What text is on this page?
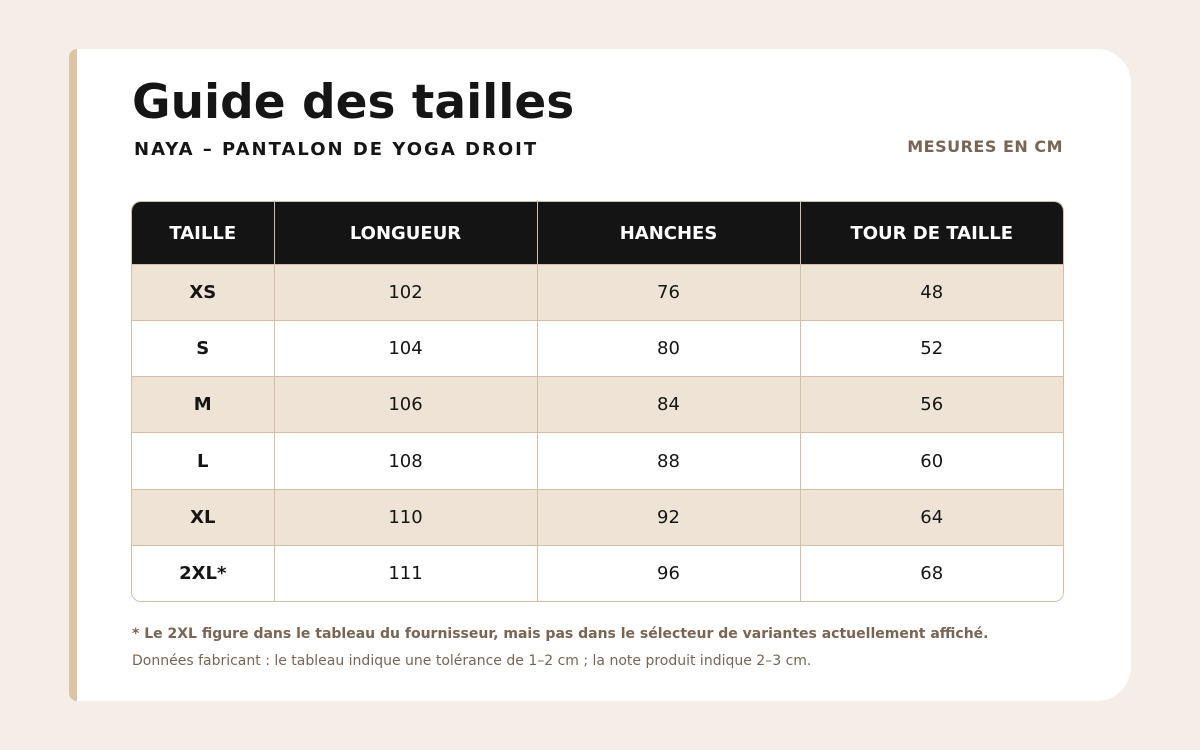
Guide des tailles
NAYA – PANTALON DE YOGA DROIT	MESURES EN CM
TAILLE	LONGUEUR	HANCHES	TOUR DE TAILLE
XS	102	76	48
S	104	80	52
M	106	84	56
L	108	88	60
XL	110	92	64
2XL*	111	96	68
* Le 2XL figure dans le tableau du fournisseur, mais pas dans le sélecteur de variantes actuellement affiché.
Données fabricant : le tableau indique une tolérance de 1–2 cm ; la note produit indique 2–3 cm.
